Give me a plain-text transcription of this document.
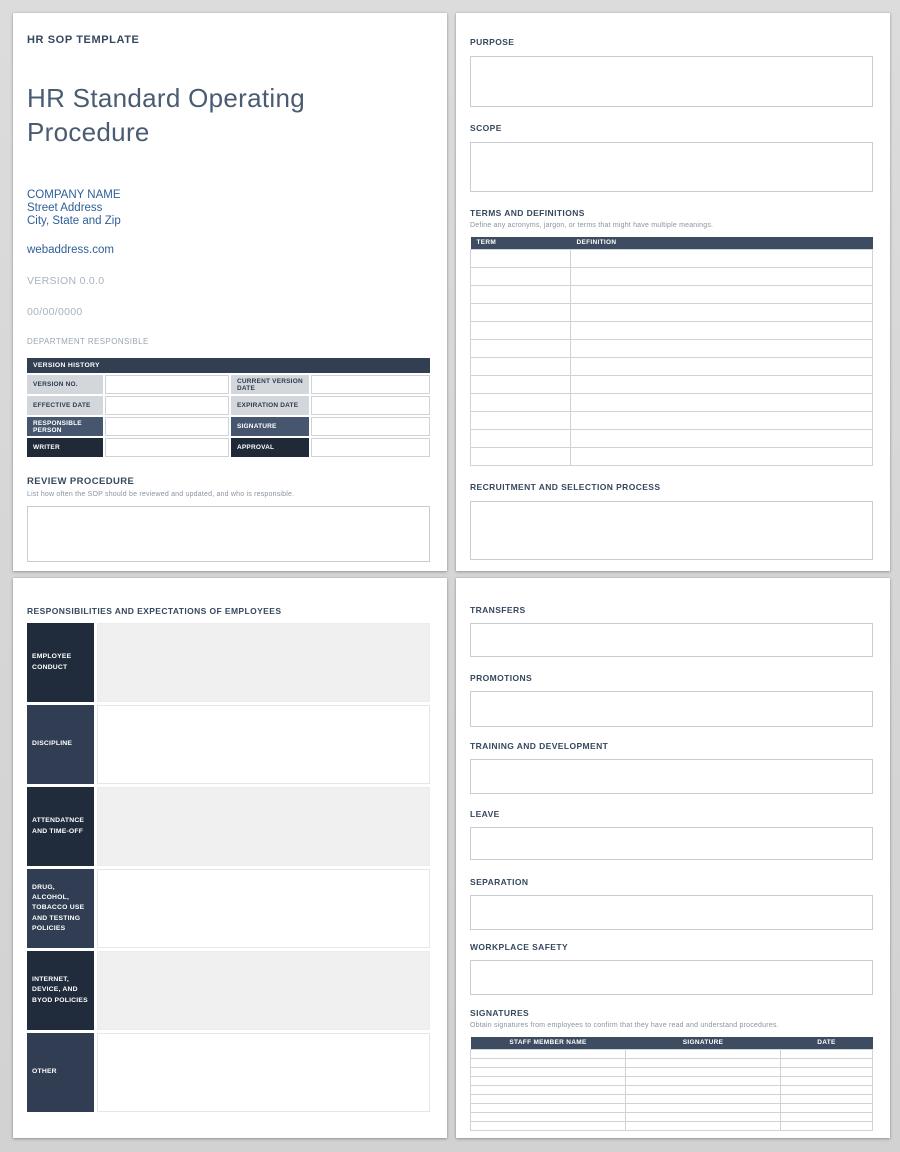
HR SOP TEMPLATE
HR Standard Operating Procedure
COMPANY NAME
Street Address
City, State and Zip
webaddress.com
VERSION 0.0.0
00/00/0000
DEPARTMENT RESPONSIBLE
VERSION HISTORY
VERSION NO.	CURRENT VERSION DATE
EFFECTIVE DATE	EXPIRATION DATE
RESPONSIBLE PERSON	SIGNATURE
WRITER	APPROVAL
REVIEW PROCEDURE
List how often the SOP should be reviewed and updated, and who is responsible.
PURPOSE
SCOPE
TERMS AND DEFINITIONS
Define any acronyms, jargon, or terms that might have multiple meanings.
TERM	DEFINITION

RECRUITMENT AND SELECTION PROCESS
RESPONSIBILITIES AND EXPECTATIONS OF EMPLOYEES
EMPLOYEE CONDUCT
DISCIPLINE
ATTENDATNCE AND TIME-OFF
DRUG, ALCOHOL, TOBACCO USE AND TESTING POLICIES
INTERNET, DEVICE, AND BYOD POLICIES
OTHER
TRANSFERS
PROMOTIONS
TRAINING AND DEVELOPMENT
LEAVE
SEPARATION
WORKPLACE SAFETY
SIGNATURES
Obtain signatures from employees to confirm that they have read and understand procedures.
STAFF MEMBER NAME	SIGNATURE	DATE
